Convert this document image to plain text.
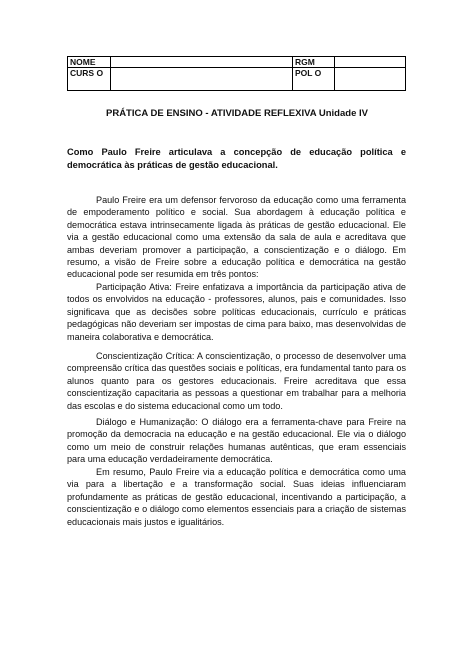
NOME		RGM	
CURS O		POL O	
PRÁTICA DE ENSINO - ATIVIDADE REFLEXIVA Unidade IV
Como Paulo Freire articulava a concepção de educação política e democrática às práticas de gestão educacional.

Paulo Freire era um defensor fervoroso da educação como uma ferramenta de empoderamento político e social. Sua abordagem à educação política e democrática estava intrinsecamente ligada às práticas de gestão educacional. Ele via a gestão educacional como uma extensão da sala de aula e acreditava que ambas deveriam promover a participação, a conscientização e o diálogo. Em resumo, a visão de Freire sobre a educação política e democrática na gestão educacional pode ser resumida em três pontos:

Participação Ativa: Freire enfatizava a importância da participação ativa de todos os envolvidos na educação - professores, alunos, pais e comunidades. Isso significava que as decisões sobre políticas educacionais, currículo e práticas pedagógicas não deveriam ser impostas de cima para baixo, mas desenvolvidas de maneira colaborativa e democrática.

Conscientização Crítica: A conscientização, o processo de desenvolver uma compreensão crítica das questões sociais e políticas, era fundamental tanto para os alunos quanto para os gestores educacionais. Freire acreditava que essa conscientização capacitaria as pessoas a questionar em trabalhar para a melhoria das escolas e do sistema educacional como um todo.

Diálogo e Humanização: O diálogo era a ferramenta-chave para Freire na promoção da democracia na educação e na gestão educacional. Ele via o diálogo como um meio de construir relações humanas autênticas, que eram essenciais para uma educação verdadeiramente democrática.

Em resumo, Paulo Freire via a educação política e democrática como uma via para a libertação e a transformação social. Suas ideias influenciaram profundamente as práticas de gestão educacional, incentivando a participação, a conscientização e o diálogo como elementos essenciais para a criação de sistemas educacionais mais justos e igualitários.
